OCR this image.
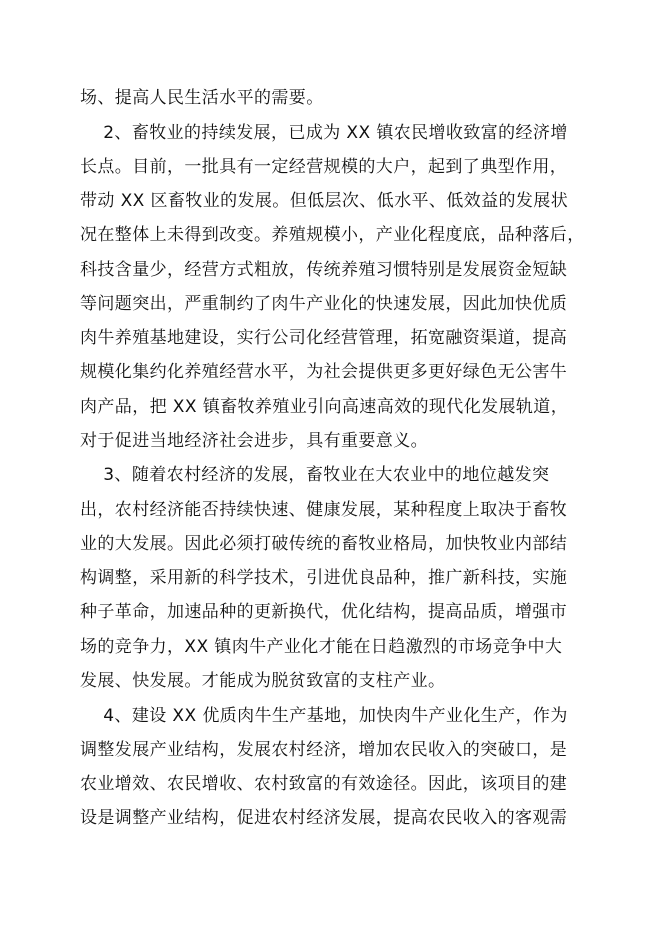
场、提高人民生活水平的需要。
2、畜牧业的持续发展，已成为 XX 镇农民增收致富的经济增
长点。目前，一批具有一定经营规模的大户，起到了典型作用，
带动 XX 区畜牧业的发展。但低层次、低水平、低效益的发展状
况在整体上未得到改变。养殖规模小，产业化程度底，品种落后，
科技含量少，经营方式粗放，传统养殖习惯特别是发展资金短缺
等问题突出，严重制约了肉牛产业化的快速发展，因此加快优质
肉牛养殖基地建设，实行公司化经营管理，拓宽融资渠道，提高
规模化集约化养殖经营水平，为社会提供更多更好绿色无公害牛
肉产品，把 XX 镇畜牧养殖业引向高速高效的现代化发展轨道，
对于促进当地经济社会进步，具有重要意义。
3、随着农村经济的发展，畜牧业在大农业中的地位越发突
出，农村经济能否持续快速、健康发展，某种程度上取决于畜牧
业的大发展。因此必须打破传统的畜牧业格局，加快牧业内部结
构调整，采用新的科学技术，引进优良品种，推广新科技，实施
种子革命，加速品种的更新换代，优化结构，提高品质，增强市
场的竞争力，XX 镇肉牛产业化才能在日趋激烈的市场竞争中大
发展、快发展。才能成为脱贫致富的支柱产业。
4、建设 XX 优质肉牛生产基地，加快肉牛产业化生产，作为
调整发展产业结构，发展农村经济，增加农民收入的突破口，是
农业增效、农民增收、农村致富的有效途径。因此，该项目的建
设是调整产业结构，促进农村经济发展，提高农民收入的客观需
